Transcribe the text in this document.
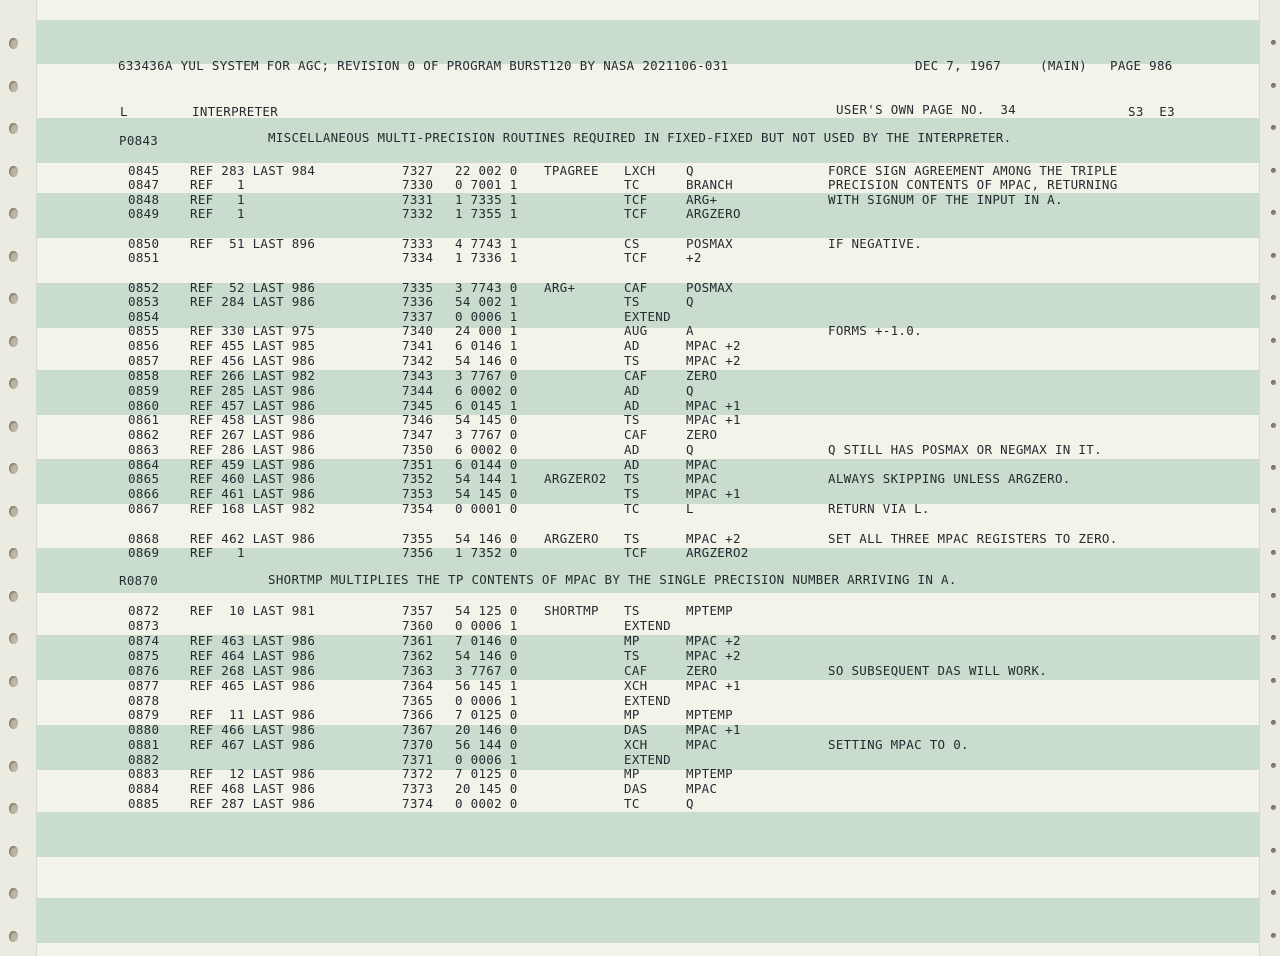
633436A YUL SYSTEM FOR AGC; REVISION 0 OF PROGRAM BURST120 BY NASA 2021106-031	DEC 7, 1967	(MAIN) PAGE 986
L	INTERPRETER	USER'S OWN PAGE NO.  34	S3  E3
P0843	MISCELLANEOUS MULTI-PRECISION ROUTINES REQUIRED IN FIXED-FIXED BUT NOT USED BY THE INTERPRETER.
R0870	SHORTMP MULTIPLIES THE TP CONTENTS OF MPAC BY THE SINGLE PRECISION NUMBER ARRIVING IN A.
0845 REF 283 LAST 984	7327 22 002 0 TPAGREE LXCH Q	FORCE SIGN AGREEMENT AMONG THE TRIPLE
0847 REF   1	7330 0 7001 1	TC	BRANCH	PRECISION CONTENTS OF MPAC, RETURNING
0848 REF   1	7331 1 7335 1	TCF	ARG+	WITH SIGNUM OF THE INPUT IN A.
0849 REF   1	7332 1 7355 1	TCF	ARGZERO
0850 REF  51 LAST 896	7333 4 7743 1	CS	POSMAX	IF NEGATIVE.
0851	7334 1 7336 1	TCF	+2
0852 REF  52 LAST 986	7335 3 7743 0 ARG+	CAF	POSMAX
0853 REF 284 LAST 986	7336 54 002 1	TS	Q
0854	7337 0 0006 1	EXTEND
0855 REF 330 LAST 975	7340 24 000 1	AUG	A	FORMS +-1.0.
0856 REF 455 LAST 985	7341 6 0146 1	AD	MPAC +2
0857 REF 456 LAST 986	7342 54 146 0	TS	MPAC +2
0858 REF 266 LAST 982	7343 3 7767 0	CAF	ZERO
0859 REF 285 LAST 986	7344 6 0002 0	AD	Q
0860 REF 457 LAST 986	7345 6 0145 1	AD	MPAC +1
0861 REF 458 LAST 986	7346 54 145 0	TS	MPAC +1
0862 REF 267 LAST 986	7347 3 7767 0	CAF	ZERO
0863 REF 286 LAST 986	7350 6 0002 0	AD	Q	Q STILL HAS POSMAX OR NEGMAX IN IT.
0864 REF 459 LAST 986	7351 6 0144 0	AD	MPAC
0865 REF 460 LAST 986	7352 54 144 1 ARGZERO2 TS	MPAC	ALWAYS SKIPPING UNLESS ARGZERO.
0866 REF 461 LAST 986	7353 54 145 0	TS	MPAC +1
0867 REF 168 LAST 982	7354 0 0001 0	TC	L	RETURN VIA L.
0868 REF 462 LAST 986	7355 54 146 0 ARGZERO TS	MPAC +2	SET ALL THREE MPAC REGISTERS TO ZERO.
0869 REF   1	7356 1 7352 0	TCF	ARGZERO2
0872 REF  10 LAST 981	7357 54 125 0 SHORTMP TS	MPTEMP
0873	7360 0 0006 1	EXTEND
0874 REF 463 LAST 986	7361 7 0146 0	MP	MPAC +2
0875 REF 464 LAST 986	7362 54 146 0	TS	MPAC +2
0876 REF 268 LAST 986	7363 3 7767 0	CAF	ZERO	SO SUBSEQUENT DAS WILL WORK.
0877 REF 465 LAST 986	7364 56 145 1	XCH	MPAC +1
0878	7365 0 0006 1	EXTEND
0879 REF  11 LAST 986	7366 7 0125 0	MP	MPTEMP
0880 REF 466 LAST 986	7367 20 146 0	DAS	MPAC +1
0881 REF 467 LAST 986	7370 56 144 0	XCH	MPAC	SETTING MPAC TO 0.
0882	7371 0 0006 1	EXTEND
0883 REF  12 LAST 986	7372 7 0125 0	MP	MPTEMP
0884 REF 468 LAST 986	7373 20 145 0	DAS	MPAC
0885 REF 287 LAST 986	7374 0 0002 0	TC	Q
